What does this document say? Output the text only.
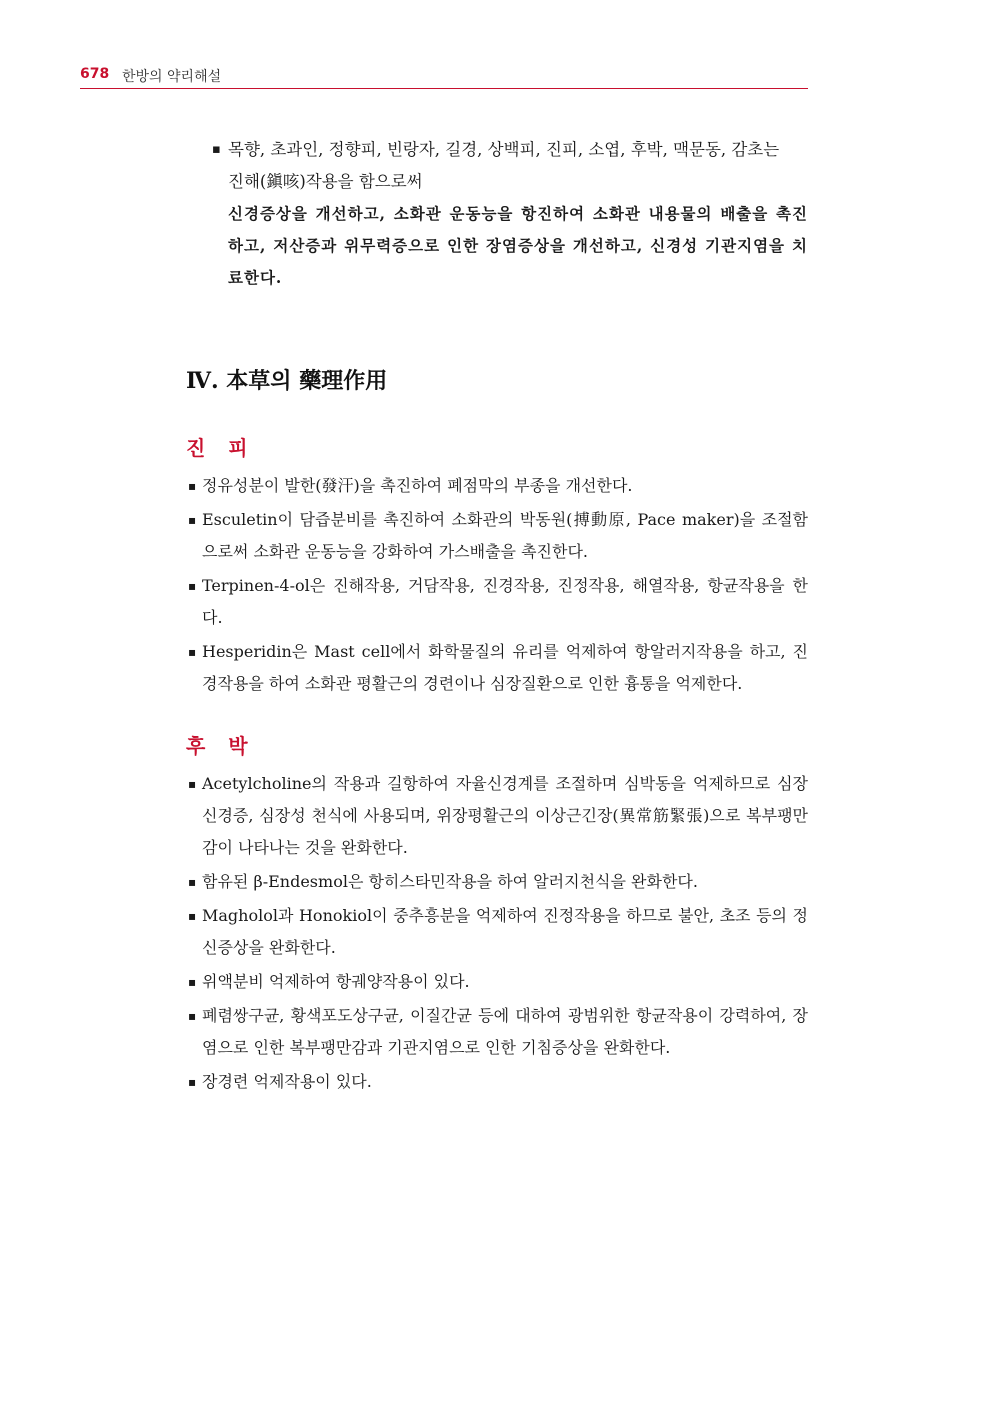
678 한방의 약리해설
▪ 목향, 초과인, 정향피, 빈랑자, 길경, 상백피, 진피, 소엽, 후박, 맥문동, 감초는
진해(鎭咳)작용을 함으로써
신경증상을 개선하고, 소화관 운동능을 항진하여 소화관 내용물의 배출을 촉진하고, 저산증과 위무력증으로 인한 장염증상을 개선하고, 신경성 기관지염을 치료한다.
Ⅳ. 本草의 藥理作用
진 피
▪ 정유성분이 발한(發汗)을 촉진하여 폐점막의 부종을 개선한다.
▪ Esculetin이 담즙분비를 촉진하여 소화관의 박동원(搏動原, Pace maker)을 조절함으로써 소화관 운동능을 강화하여 가스배출을 촉진한다.
▪ Terpinen-4-ol은 진해작용, 거담작용, 진경작용, 진정작용, 해열작용, 항균작용을 한다.
▪ Hesperidin은 Mast cell에서 화학물질의 유리를 억제하여 항알러지작용을 하고, 진경작용을 하여 소화관 평활근의 경련이나 심장질환으로 인한 흉통을 억제한다.
후 박
▪ Acetylcholine의 작용과 길항하여 자율신경계를 조절하며 심박동을 억제하므로 심장신경증, 심장성 천식에 사용되며, 위장평활근의 이상근긴장(異常筋緊張)으로 복부팽만감이 나타나는 것을 완화한다.
▪ 함유된 β-Endesmol은 항히스타민작용을 하여 알러지천식을 완화한다.
▪ Magholol과 Honokiol이 중추흥분을 억제하여 진정작용을 하므로 불안, 초조 등의 정신증상을 완화한다.
▪ 위액분비 억제하여 항궤양작용이 있다.
▪ 폐렴쌍구균, 황색포도상구균, 이질간균 등에 대하여 광범위한 항균작용이 강력하여, 장염으로 인한 복부팽만감과 기관지염으로 인한 기침증상을 완화한다.
▪ 장경련 억제작용이 있다.
